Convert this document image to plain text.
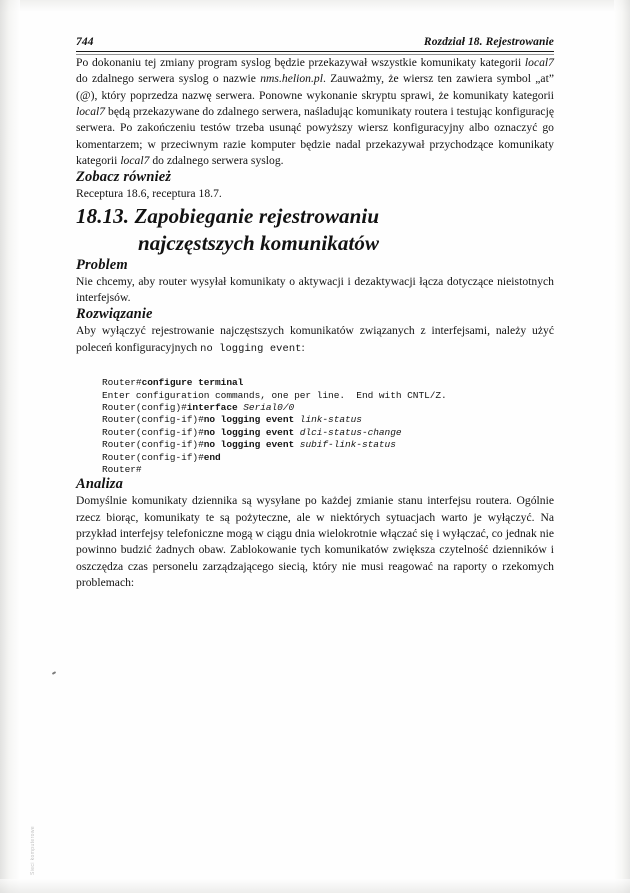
Sieci komputerowe
744	Rozdział 18. Rejestrowanie

Po dokonaniu tej zmiany program syslog będzie przekazywał wszystkie komunikaty kategorii local7 do zdalnego serwera syslog o nazwie nms.helion.pl. Zauważmy, że wiersz ten zawiera symbol „at” (@), który poprzedza nazwę serwera. Ponowne wykonanie skryptu sprawi, że komunikaty kategorii local7 będą przekazywane do zdalnego serwera, naśladując komunikaty routera i testując konfigurację serwera. Po zakończeniu testów trzeba usunąć powyższy wiersz konfiguracyjny albo oznaczyć go komentarzem; w przeciwnym razie komputer będzie nadal przekazywał przychodzące komunikaty kategorii local7 do zdalnego serwera syslog.

Zobacz również

Receptura 18.6, receptura 18.7.

18.13. Zapobieganie rejestrowaniu
najczęstszych komunikatów
Problem

Nie chcemy, aby router wysyłał komunikaty o aktywacji i dezaktywacji łącza dotyczące nieistotnych interfejsów.

Rozwiązanie

Aby wyłączyć rejestrowanie najczęstszych komunikatów związanych z interfejsami, należy użyć poleceń konfiguracyjnych no logging event:

Router#configure terminal
Enter configuration commands, one per line.  End with CNTL/Z.
Router(config)#interface Serial0/0
Router(config-if)#no logging event link-status
Router(config-if)#no logging event dlci-status-change
Router(config-if)#no logging event subif-link-status
Router(config-if)#end
Router#
Analiza

Domyślnie komunikaty dziennika są wysyłane po każdej zmianie stanu interfejsu routera. Ogólnie rzecz biorąc, komunikaty te są pożyteczne, ale w niektórych sytuacjach warto je wyłączyć. Na przykład interfejsy telefoniczne mogą w ciągu dnia wielokrotnie włączać się i wyłączać, co jednak nie powinno budzić żadnych obaw. Zablokowanie tych komunikatów zwiększa czytelność dzienników i oszczędza czas personelu zarządzającego siecią, który nie musi reagować na raporty o rzekomych problemach:
